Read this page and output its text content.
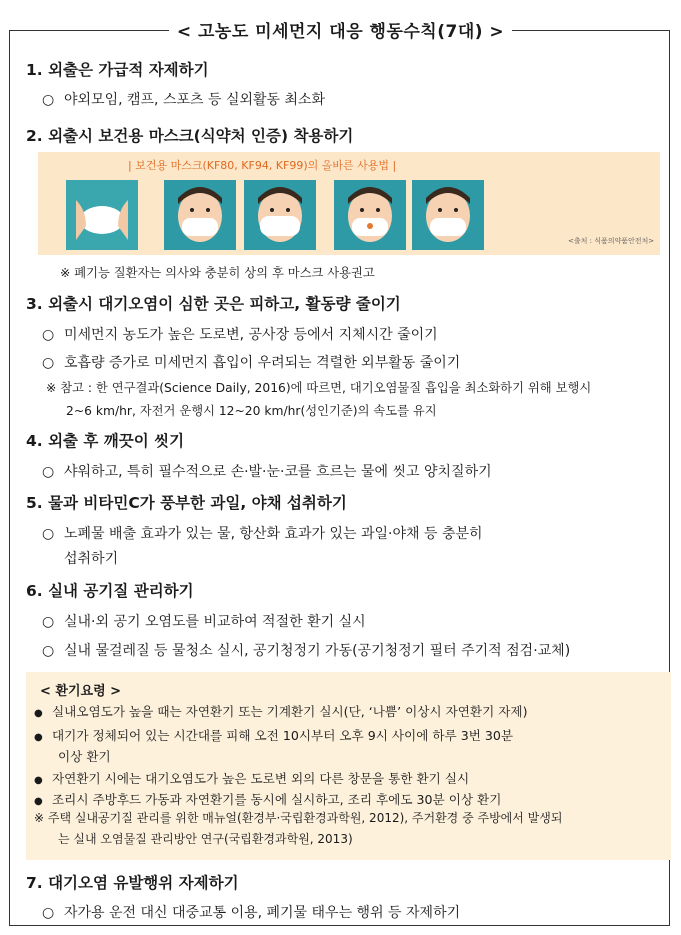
< 고농도 미세먼지 대응 행동수칙(7대) >
1. 외출은 가급적 자제하기
○ 야외모임, 캠프, 스포츠 등 실외활동 최소화
2. 외출시 보건용 마스크(식약처 인증) 착용하기
| 보건용 마스크(KF80, KF94, KF99)의 올바른 사용법 |
<출처 : 식품의약품안전처>
※ 폐기능 질환자는 의사와 충분히 상의 후 마스크 사용권고
3. 외출시 대기오염이 심한 곳은 피하고, 활동량 줄이기
○ 미세먼지 농도가 높은 도로변, 공사장 등에서 지체시간 줄이기
○ 호흡량 증가로 미세먼지 흡입이 우려되는 격렬한 외부활동 줄이기
※ 참고 : 한 연구결과(Science Daily, 2016)에 따르면, 대기오염물질 흡입을 최소화하기 위해 보행시
2~6 km/hr, 자전거 운행시 12~20 km/hr(성인기준)의 속도를 유지
4. 외출 후 깨끗이 씻기
○ 샤워하고, 특히 필수적으로 손·발·눈·코를 흐르는 물에 씻고 양치질하기
5. 물과 비타민C가 풍부한 과일, 야채 섭취하기
○ 노폐물 배출 효과가 있는 물, 항산화 효과가 있는 과일·야채 등 충분히
섭취하기
6. 실내 공기질 관리하기
○ 실내·외 공기 오염도를 비교하여 적절한 환기 실시
○ 실내 물걸레질 등 물청소 실시, 공기청정기 가동(공기청정기 필터 주기적 점검·교체)
< 환기요령 >
● 실내오염도가 높을 때는 자연환기 또는 기계환기 실시(단, ‘나쁨’ 이상시 자연환기 자제)
● 대기가 정체되어 있는 시간대를 피해 오전 10시부터 오후 9시 사이에 하루 3번 30분
이상 환기
● 자연환기 시에는 대기오염도가 높은 도로변 외의 다른 창문을 통한 환기 실시
● 조리시 주방후드 가동과 자연환기를 동시에 실시하고, 조리 후에도 30분 이상 환기
※ 주택 실내공기질 관리를 위한 매뉴얼(환경부·국립환경과학원, 2012), 주거환경 중 주방에서 발생되
는 실내 오염물질 관리방안 연구(국립환경과학원, 2013)
7. 대기오염 유발행위 자제하기
○ 자가용 운전 대신 대중교통 이용, 폐기물 태우는 행위 등 자제하기
